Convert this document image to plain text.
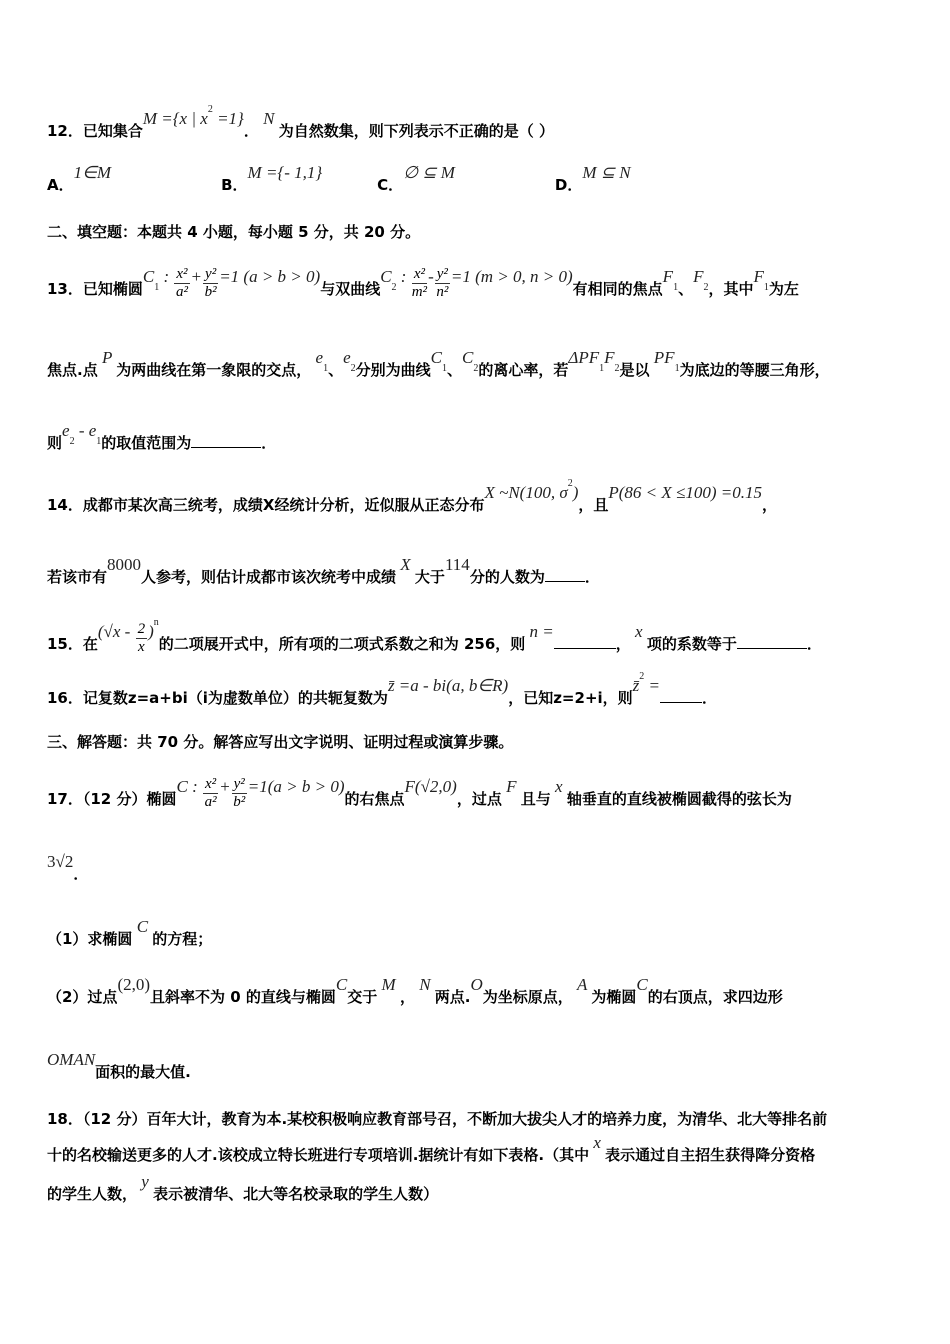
12．已知集合M ={x | $x^2 =1$}． N 为自然数集，则下列表示不正确的是（ ）
A．1∈MB．M ={- 1,1}C．∅ ⊆ MD．M ⊆ N
二、填空题：本题共 4 小题，每小题 5 分，共 20 分。
13．已知椭圆$C_1$ : $\frac{\text{x²}}{\text{a²}} + \frac{\text{y²}}{\text{b²}} =1$ (a > b > 0)与双曲线$C_2$ : $\frac{\text{x²}}{\text{m²}} - \frac{\text{y²}}{\text{n²}} =1$ (m > 0, n > 0)有相同的焦点$F_1$、$F_2$，其中$F_1$为左
焦点.点 P 为两曲线在第一象限的交点， $e_1$、$e_2$分别为曲线$C_1$、$C_2$的离心率，若$\Delta PF_1F_2$是以 $PF_1$为底边的等腰三角形，
则$e_2 - e_1$的取值范围为	．
14．成都市某次高三统考，成绩X经统计分析，近似服从正态分布X ~N(100, $\sigma^2$)，且P(86 < X ≤100) =0.15，
若该市有8000人参考，则估计成都市该次统考中成绩 X 大于114分的人数为	．
15．在$(√x - \frac{2}{x} )^n$的二项展开式中，所有项的二项式系数之和为 256，则 n =， x 项的系数等于	．
16．记复数z=a+bi（i为虚数单位）的共轭复数为z̄ =a - bi(a, b∈R)，已知z=2+i，则z̄$^2$ =．
三、解答题：共 70 分。解答应写出文字说明、证明过程或演算步骤。
17．（12 分）椭圆C : $\frac{\text{x²}}{\text{a²}} + \frac{\text{y²}}{\text{b²}} =1(a > b > 0)$的右焦点F(√2,0)，过点 F 且与 x 轴垂直的直线被椭圆截得的弦长为
3√2．
（1）求椭圆 C 的方程；
（2）过点(2,0)且斜率不为 0 的直线与椭圆C交于 M ， N 两点.O为坐标原点， A 为椭圆C的右顶点，求四边形
OMAN面积的最大值.
18．（12 分）百年大计，教育为本.某校积极响应教育部号召，不断加大拔尖人才的培养力度，为清华、北大等排名前
十的名校输送更多的人才.该校成立特长班进行专项培训.据统计有如下表格.（其中 x 表示通过自主招生获得降分资格
的学生人数， y 表示被清华、北大等名校录取的学生人数）
